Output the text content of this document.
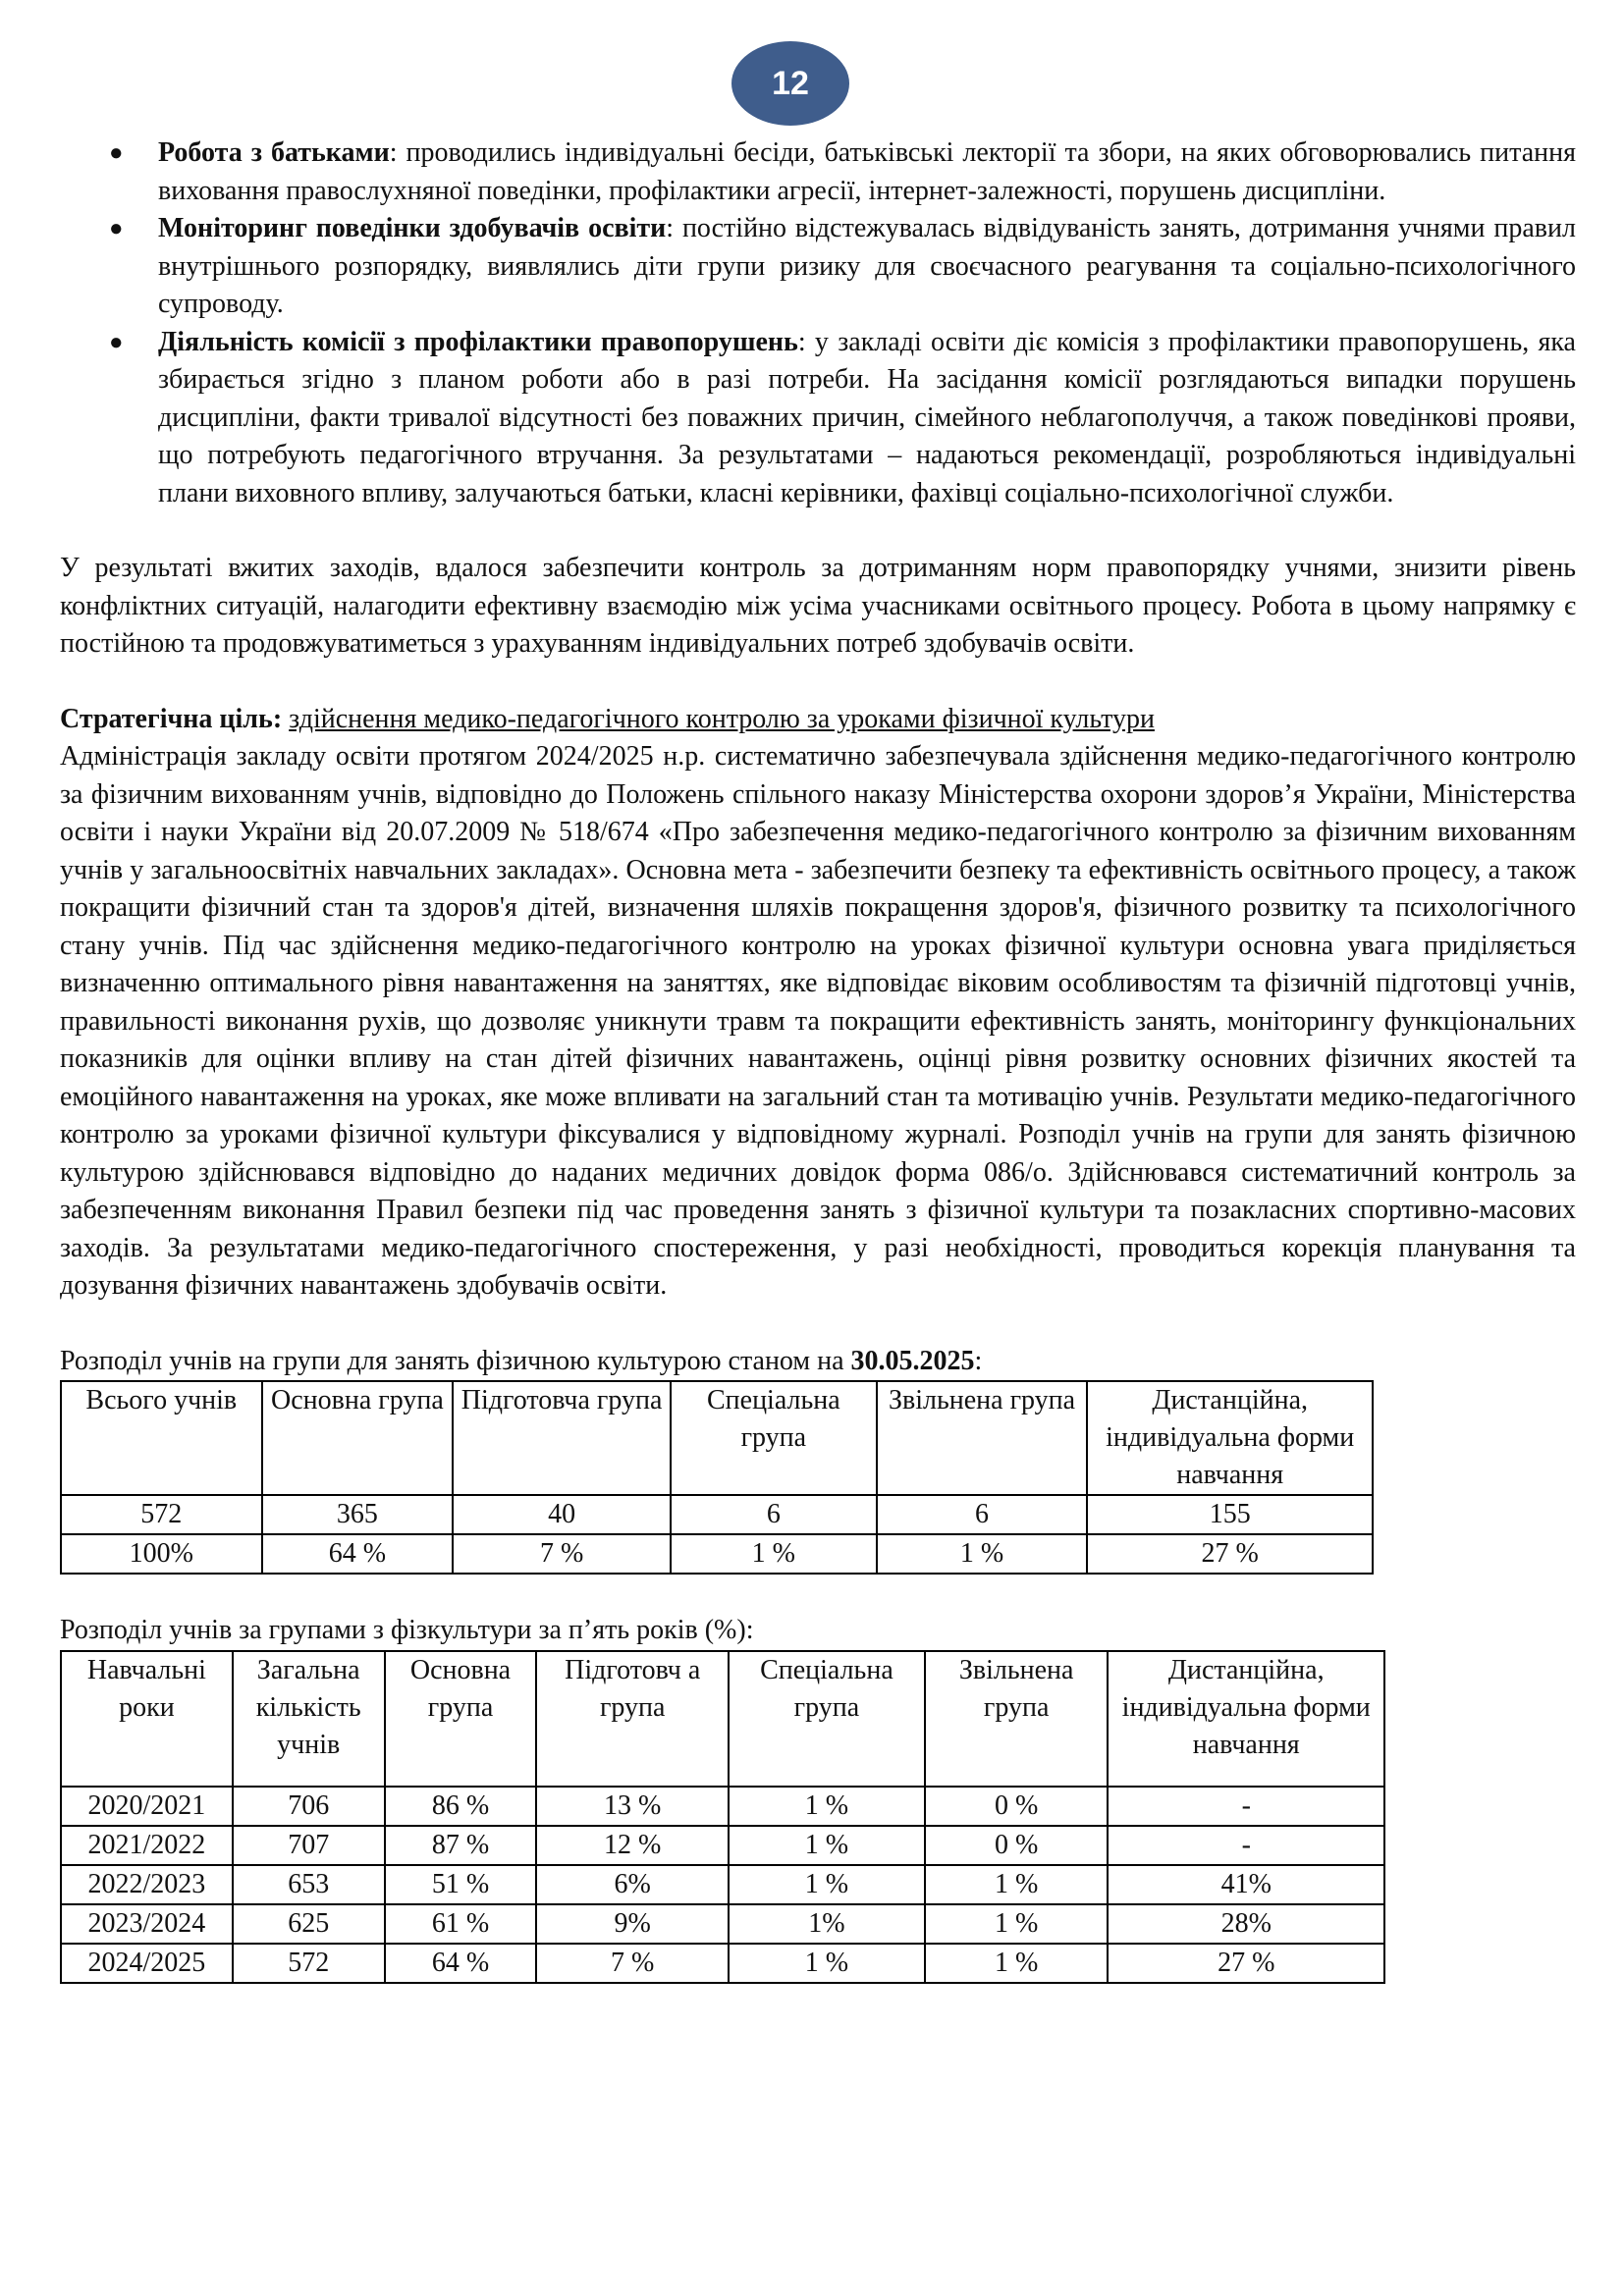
12
● Робота з батьками: проводились індивідуальні бесіди, батьківські лекторії та збори, на яких обговорювались питання виховання правослухняної поведінки, профілактики агресії, інтернет-залежності, порушень дисципліни.
● Моніторинг поведінки здобувачів освіти: постійно відстежувалась відвідуваність занять, дотримання учнями правил внутрішнього розпорядку, виявлялись діти групи ризику для своєчасного реагування та соціально-психологічного супроводу.
● Діяльність комісії з профілактики правопорушень: у закладі освіти діє комісія з профілактики правопорушень, яка збирається згідно з планом роботи або в разі потреби. На засідання комісії розглядаються випадки порушень дисципліни, факти тривалої відсутності без поважних причин, сімейного неблагополуччя, а також поведінкові прояви, що потребують педагогічного втручання. За результатами – надаються рекомендації, розробляються індивідуальні плани виховного впливу, залучаються батьки, класні керівники, фахівці соціально-психологічної служби.

У результаті вжитих заходів, вдалося забезпечити контроль за дотриманням норм правопорядку учнями, знизити рівень конфліктних ситуацій, налагодити ефективну взаємодію між усіма учасниками освітнього процесу. Робота в цьому напрямку є постійною та продовжуватиметься з урахуванням індивідуальних потреб здобувачів освіти.

Стратегічна ціль: здійснення медико-педагогічного контролю за уроками фізичної культури

Адміністрація закладу освіти протягом 2024/2025 н.р. систематично забезпечувала здійснення медико-педагогічного контролю за фізичним вихованням учнів, відповідно до Положень спільного наказу Міністерства охорони здоров’я України, Міністерства освіти і науки України від 20.07.2009 № 518/674 «Про забезпечення медико-педагогічного контролю за фізичним вихованням учнів у загальноосвітніх навчальних закладах». Основна мета - забезпечити безпеку та ефективність освітнього процесу, а також покращити фізичний стан та здоров'я дітей, визначення шляхів покращення здоров'я, фізичного розвитку та психологічного стану учнів. Під час здійснення медико-педагогічного контролю на уроках фізичної культури основна увага приділяється визначенню оптимального рівня навантаження на заняттях, яке відповідає віковим особливостям та фізичній підготовці учнів, правильності виконання рухів, що дозволяє уникнути травм та покращити ефективність занять, моніторингу функціональних показників для оцінки впливу на стан дітей фізичних навантажень, оцінці рівня розвитку основних фізичних якостей та емоційного навантаження на уроках, яке може впливати на загальний стан та мотивацію учнів. Результати медико-педагогічного контролю за уроками фізичної культури фіксувалися у відповідному журналі. Розподіл учнів на групи для занять фізичною культурою здійснювався відповідно до наданих медичних довідок форма 086/о. Здійснювався систематичний контроль за забезпеченням виконання Правил безпеки під час проведення занять з фізичної культури та позакласних спортивно-масових заходів. За результатами медико-педагогічного спостереження, у разі необхідності, проводиться корекція планування та дозування фізичних навантажень здобувачів освіти.

Розподіл учнів на групи для занять фізичною культурою станом на 30.05.2025:

Всього учнів	Основна група	Підготовча група	Спеціальна група	Звільнена група	Дистанційна, індивідуальна форми навчання
572	365	40	6	6	155
100%	64 %	7 %	1 %	1 %	27 %

Розподіл учнів за групами з фізкультури за п’ять років (%):

Навчальні роки	Загальна кількість учнів	Основна група	Підготовч а група	Спеціальна група	Звільнена група	Дистанційна, індивідуальна форми навчання
2020/2021	706	86 %	13 %	1 %	0 %	-
2021/2022	707	87 %	12 %	1 %	0 %	-
2022/2023	653	51 %	6%	1 %	1 %	41%
2023/2024	625	61 %	9%	1%	1 %	28%
2024/2025	572	64 %	7 %	1 %	1 %	27 %
